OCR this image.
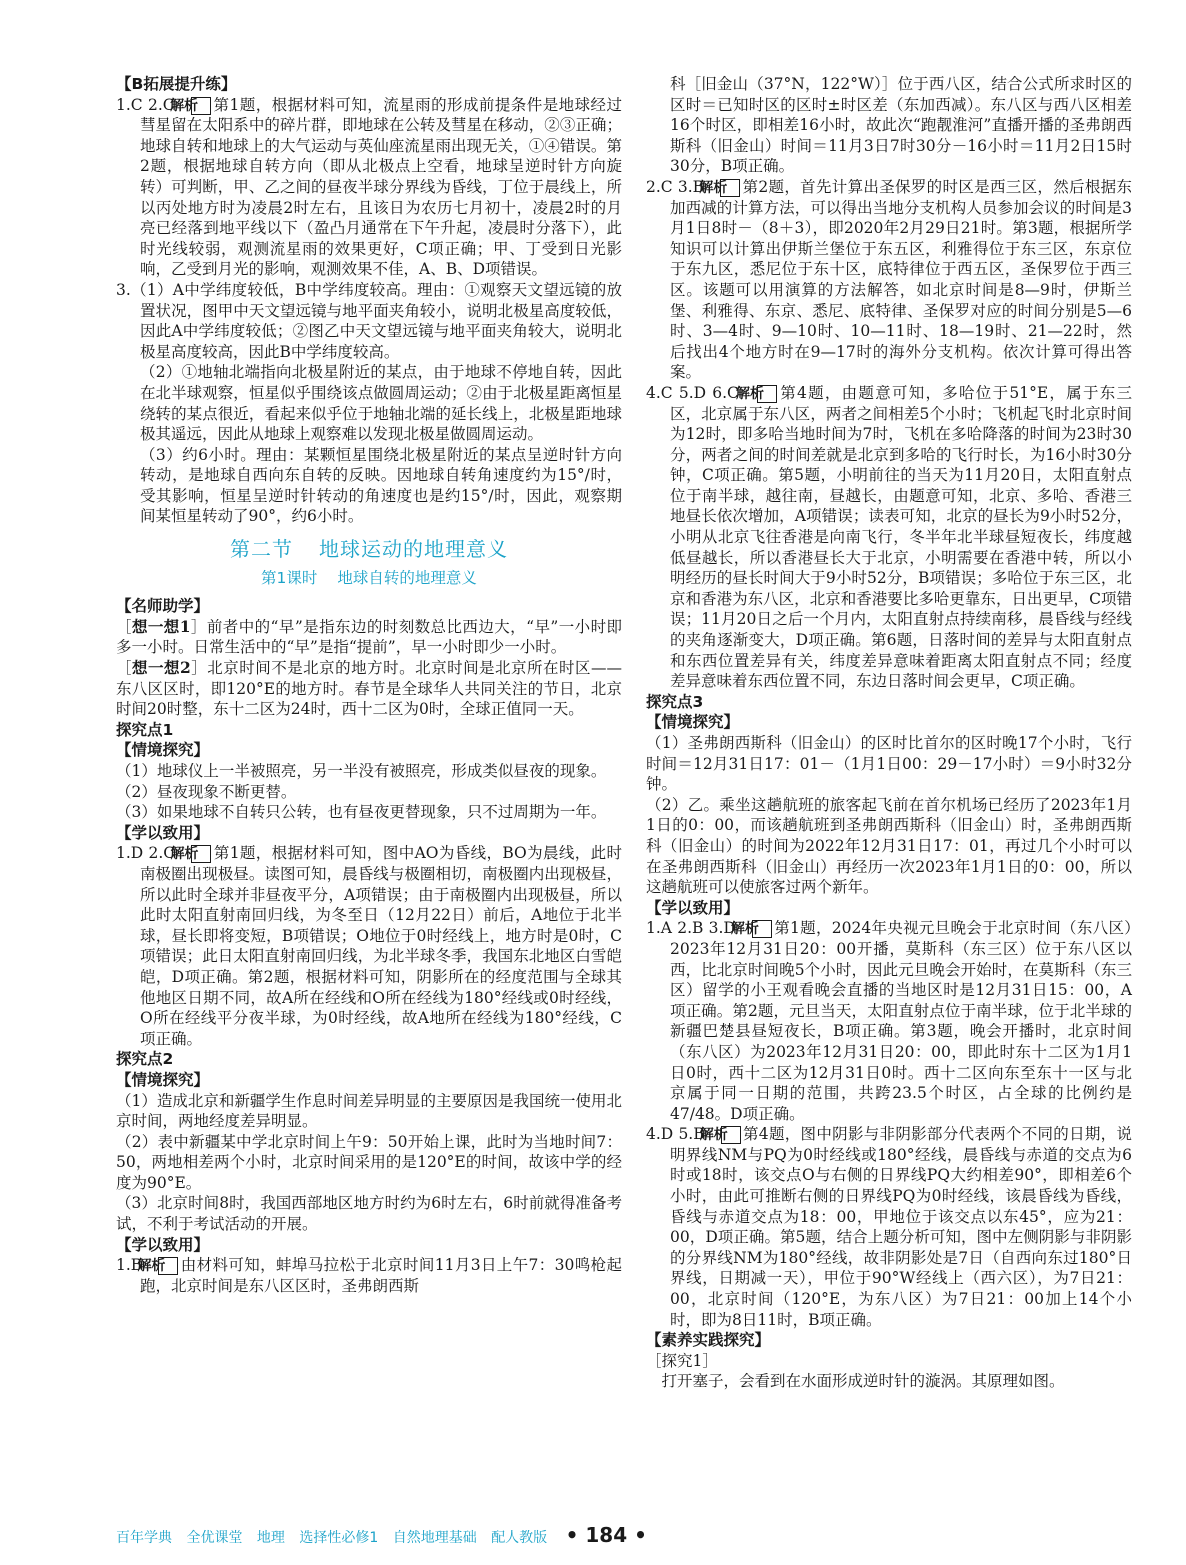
【B拓展提升练】

1.C 2.C　解析 第1题，根据材料可知，流星雨的形成前提条件是地球经过彗星留在太阳系中的碎片群，即地球在公转及彗星在移动，②③正确；地球自转和地球上的大气运动与英仙座流星雨出现无关，①④错误。第2题，根据地球自转方向（即从北极点上空看，地球呈逆时针方向旋转）可判断，甲、乙之间的昼夜半球分界线为昏线，丁位于晨线上，所以丙处地方时为凌晨2时左右，且该日为农历七月初十，凌晨2时的月亮已经落到地平线以下（盈凸月通常在下午升起，凌晨时分落下），此时光线较弱，观测流星雨的效果更好，C项正确；甲、丁受到日光影响，乙受到月光的影响，观测效果不佳，A、B、D项错误。

3.（1）A中学纬度较低，B中学纬度较高。理由：①观察天文望远镜的放置状况，图甲中天文望远镜与地平面夹角较小，说明北极星高度较低，因此A中学纬度较低；②图乙中天文望远镜与地平面夹角较大，说明北极星高度较高，因此B中学纬度较高。

（2）①地轴北端指向北极星附近的某点，由于地球不停地自转，因此在北半球观察，恒星似乎围绕该点做圆周运动；②由于北极星距离恒星绕转的某点很近，看起来似乎位于地轴北端的延长线上，北极星距地球极其遥远，因此从地球上观察难以发现北极星做圆周运动。

（3）约6小时。理由：某颗恒星围绕北极星附近的某点呈逆时针方向转动，是地球自西向东自转的反映。因地球自转角速度约为15°/时，受其影响，恒星呈逆时针转动的角速度也是约15°/时，因此，观察期间某恒星转动了90°，约6小时。

第二节 地球运动的地理意义

第1课时 地球自转的地理意义

【名师助学】

［想一想1］前者中的“早”是指东边的时刻数总比西边大，“早”一小时即多一小时。日常生活中的“早”是指“提前”，早一小时即少一小时。

［想一想2］北京时间不是北京的地方时。北京时间是北京所在时区——东八区区时，即120°E的地方时。春节是全球华人共同关注的节日，北京时间20时整，东十二区为24时，西十二区为0时，全球正值同一天。

探究点1

【情境探究】

（1）地球仪上一半被照亮，另一半没有被照亮，形成类似昼夜的现象。

（2）昼夜现象不断更替。

（3）如果地球不自转只公转，也有昼夜更替现象，只不过周期为一年。

【学以致用】

1.D 2.C　解析 第1题，根据材料可知，图中AO为昏线，BO为晨线，此时南极圈出现极昼。读图可知，晨昏线与极圈相切，南极圈内出现极昼，所以此时全球并非昼夜平分，A项错误；由于南极圈内出现极昼，所以此时太阳直射南回归线，为冬至日（12月22日）前后，A地位于北半球，昼长即将变短，B项错误；O地位于0时经线上，地方时是0时，C项错误；此日太阳直射南回归线，为北半球冬季，我国东北地区白雪皑皑，D项正确。第2题，根据材料可知，阴影所在的经度范围与全球其他地区日期不同，故A所在经线和O所在经线为180°经线或0时经线，O所在经线平分夜半球，为0时经线，故A地所在经线为180°经线，C项正确。

探究点2

【情境探究】

（1）造成北京和新疆学生作息时间差异明显的主要原因是我国统一使用北京时间，两地经度差异明显。

（2）表中新疆某中学北京时间上午9：50开始上课，此时为当地时间7：50，两地相差两个小时，北京时间采用的是120°E的时间，故该中学的经度为90°E。

（3）北京时间8时，我国西部地区地方时约为6时左右，6时前就得准备考试，不利于考试活动的开展。

【学以致用】

1.B　解析 由材料可知，蚌埠马拉松于北京时间11月3日上午7：30鸣枪起跑，北京时间是东八区区时，圣弗朗西斯

科［旧金山（37°N，122°W）］位于西八区，结合公式所求时区的区时＝已知时区的区时±时区差（东加西减）。东八区与西八区相差16个时区，即相差16小时，故此次“跑靓淮河”直播开播的圣弗朗西斯科（旧金山）时间＝11月3日7时30分－16小时＝11月2日15时30分，B项正确。

2.C 3.B　解析 第2题，首先计算出圣保罗的时区是西三区，然后根据东加西减的计算方法，可以得出当地分支机构人员参加会议的时间是3月1日8时－（8＋3），即2020年2月29日21时。第3题，根据所学知识可以计算出伊斯兰堡位于东五区，利雅得位于东三区，东京位于东九区，悉尼位于东十区，底特律位于西五区，圣保罗位于西三区。该题可以用演算的方法解答，如北京时间是8—9时，伊斯兰堡、利雅得、东京、悉尼、底特律、圣保罗对应的时间分别是5—6时、3—4时、9—10时、10—11时、18—19时、21—22时，然后找出4个地方时在9—17时的海外分支机构。依次计算可得出答案。

4.C 5.D 6.C　解析 第4题，由题意可知，多哈位于51°E，属于东三区，北京属于东八区，两者之间相差5个小时；飞机起飞时北京时间为12时，即多哈当地时间为7时，飞机在多哈降落的时间为23时30分，两者之间的时间差就是北京到多哈的飞行时长，为16小时30分钟，C项正确。第5题，小明前往的当天为11月20日，太阳直射点位于南半球，越往南，昼越长，由题意可知，北京、多哈、香港三地昼长依次增加，A项错误；读表可知，北京的昼长为9小时52分，小明从北京飞往香港是向南飞行，冬半年北半球昼短夜长，纬度越低昼越长，所以香港昼长大于北京，小明需要在香港中转，所以小明经历的昼长时间大于9小时52分，B项错误；多哈位于东三区，北京和香港为东八区，北京和香港要比多哈更靠东，日出更早，C项错误；11月20日之后一个月内，太阳直射点持续南移，晨昏线与经线的夹角逐渐变大，D项正确。第6题，日落时间的差异与太阳直射点和东西位置差异有关，纬度差异意味着距离太阳直射点不同；经度差异意味着东西位置不同，东边日落时间会更早，C项正确。

探究点3

【情境探究】

（1）圣弗朗西斯科（旧金山）的区时比首尔的区时晚17个小时，飞行时间＝12月31日17：01－（1月1日00：29－17小时）＝9小时32分钟。

（2）乙。乘坐这趟航班的旅客起飞前在首尔机场已经历了2023年1月1日的0：00，而该趟航班到圣弗朗西斯科（旧金山）时，圣弗朗西斯科（旧金山）的时间为2022年12月31日17：01，再过几个小时可以在圣弗朗西斯科（旧金山）再经历一次2023年1月1日的0：00，所以这趟航班可以使旅客过两个新年。

【学以致用】

1.A 2.B 3.D　解析 第1题，2024年央视元旦晚会于北京时间（东八区）2023年12月31日20：00开播，莫斯科（东三区）位于东八区以西，比北京时间晚5个小时，因此元旦晚会开始时，在莫斯科（东三区）留学的小王观看晚会直播的当地区时是12月31日15：00，A项正确。第2题，元旦当天，太阳直射点位于南半球，位于北半球的新疆巴楚县昼短夜长，B项正确。第3题，晚会开播时，北京时间（东八区）为2023年12月31日20：00，即此时东十二区为1月1日0时，西十二区为12月31日0时。西十二区向东至东十一区与北京属于同一日期的范围，共跨23.5个时区，占全球的比例约是47/48。D项正确。

4.D 5.B　解析 第4题，图中阴影与非阴影部分代表两个不同的日期，说明界线NM与PQ为0时经线或180°经线，晨昏线与赤道的交点为6时或18时，该交点O与右侧的日界线PQ大约相差90°，即相差6个小时，由此可推断右侧的日界线PQ为0时经线，该晨昏线为昏线，昏线与赤道交点为18：00，甲地位于该交点以东45°，应为21：00，D项正确。第5题，结合上题分析可知，图中左侧阴影与非阴影的分界线NM为180°经线，故非阴影处是7日（自西向东过180°日界线，日期减一天），甲位于90°W经线上（西六区），为7日21：00，北京时间（120°E，为东八区）为7日21：00加上14个小时，即为8日11时，B项正确。

【素养实践探究】

［探究1］

　打开塞子，会看到在水面形成逆时针的漩涡。其原理如图。

百年学典 全优课堂 地理 选择性必修1 自然地理基础 配人教版 • 184 •
